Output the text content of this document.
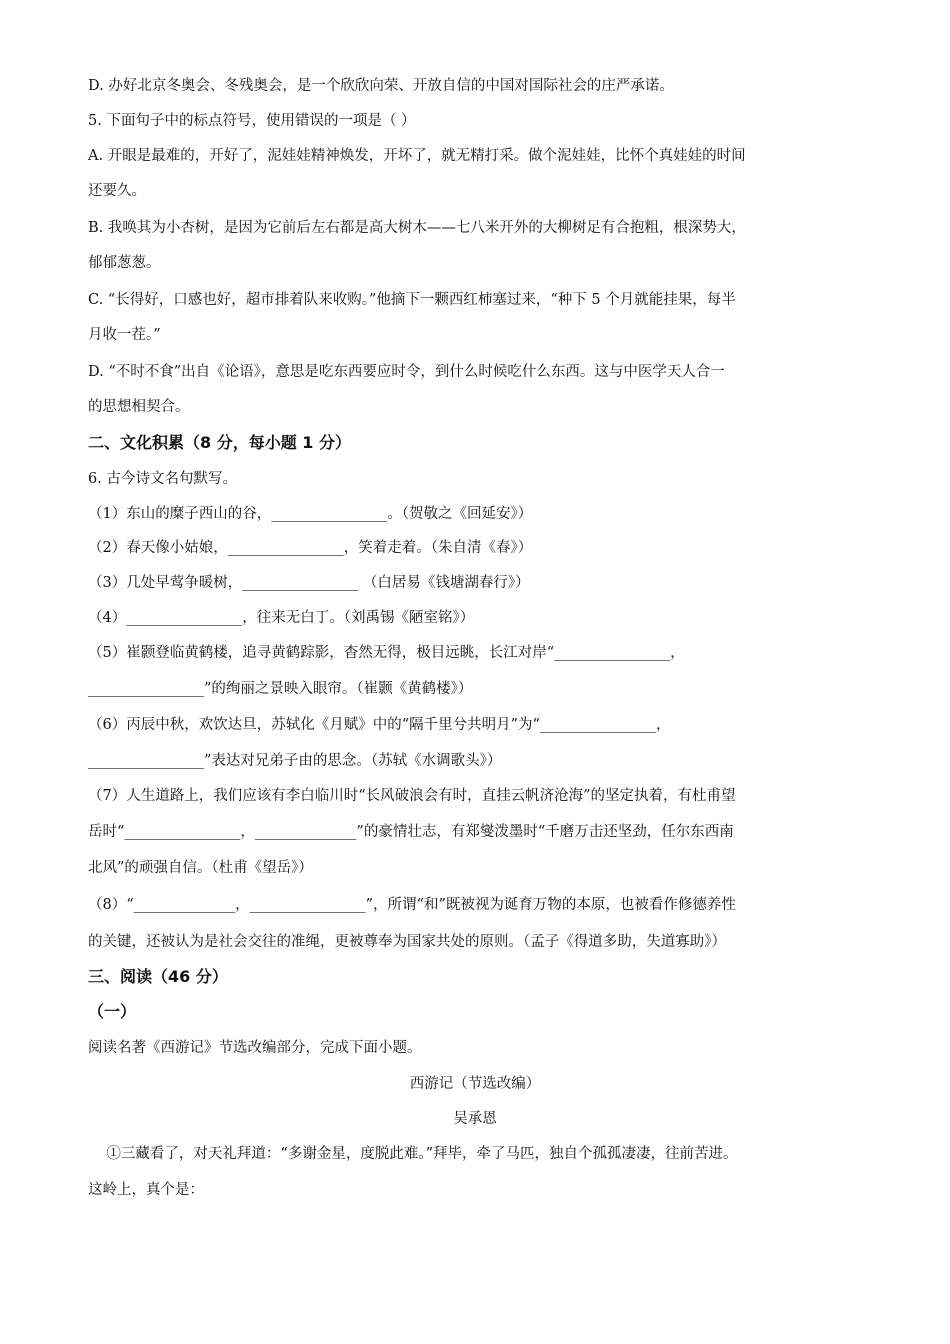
D. 办好北京冬奥会、冬残奥会，是一个欣欣向荣、开放自信的中国对国际社会的庄严承诺。
5. 下面句子中的标点符号，使用错误的一项是（ ）
A. 开眼是最难的，开好了，泥娃娃精神焕发，开坏了，就无精打采。做个泥娃娃，比怀个真娃娃的时间
还要久。
B. 我唤其为小杏树，是因为它前后左右都是高大树木——七八米开外的大柳树足有合抱粗，根深势大，
郁郁葱葱。
C. “长得好，口感也好，超市排着队来收购。”他摘下一颗西红柿塞过来，“种下 5 个月就能挂果，每半
月收一茬。”
D. “不时不食”出自《论语》，意思是吃东西要应时令，到什么时候吃什么东西。这与中医学天人合一
的思想相契合。
二、文化积累（8 分，每小题 1 分）
6. 古今诗文名句默写。
（1）东山的糜子西山的谷，________________。（贺敬之《回延安》）
（2）春天像小姑娘，________________，笑着走着。（朱自清《春》）
（3）几处早莺争暖树，________________ （白居易《钱塘湖春行》）
（4）________________，往来无白丁。（刘禹锡《陋室铭》）
（5）崔颢登临黄鹤楼，追寻黄鹤踪影，杳然无得，极目远眺，长江对岸“________________，
________________”的绚丽之景映入眼帘。（崔颢《黄鹤楼》）
（6）丙辰中秋，欢饮达旦，苏轼化《月赋》中的“隔千里兮共明月”为“________________，
________________”表达对兄弟子由的思念。（苏轼《水调歌头》）
（7）人生道路上，我们应该有李白临川时“长风破浪会有时，直挂云帆济沧海”的坚定执着，有杜甫望
岳时“________________，______________”的豪情壮志，有郑燮泼墨时“千磨万击还坚劲，任尔东西南
北风”的顽强自信。（杜甫《望岳》）
（8）“______________，________________”，所谓“和”既被视为诞育万物的本原，也被看作修德养性
的关键，还被认为是社会交往的准绳，更被尊奉为国家共处的原则。（孟子《得道多助，失道寡助》）
三、阅读（46 分）
（一）
阅读名著《西游记》节选改编部分，完成下面小题。
西游记（节选改编）
吴承恩
①三藏看了，对天礼拜道：“多谢金星，度脱此难。”拜毕，牵了马匹，独自个孤孤凄凄，往前苦进。
这岭上，真个是：
